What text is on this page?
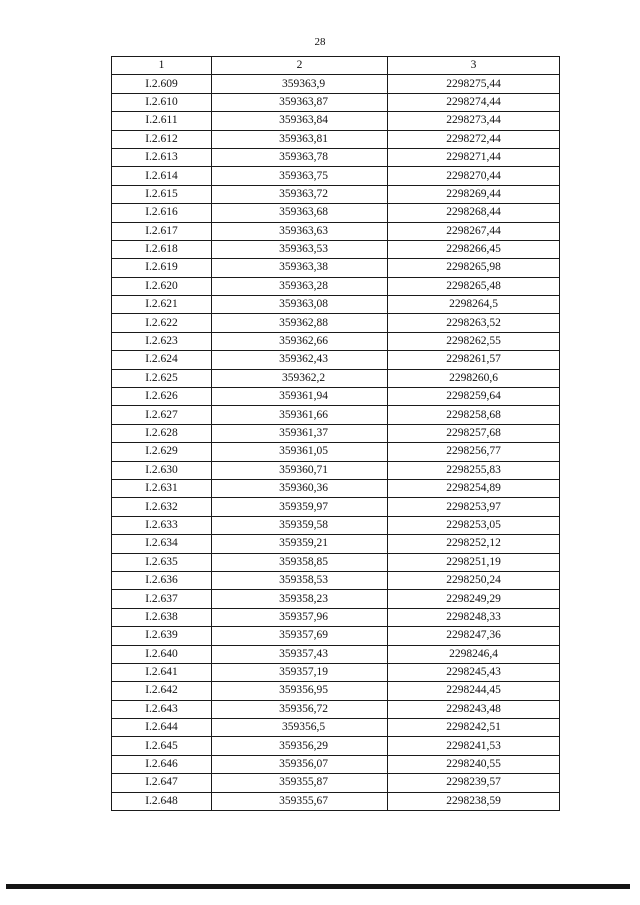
28
1	2	3
I.2.609	359363,9	2298275,44
I.2.610	359363,87	2298274,44
I.2.611	359363,84	2298273,44
I.2.612	359363,81	2298272,44
I.2.613	359363,78	2298271,44
I.2.614	359363,75	2298270,44
I.2.615	359363,72	2298269,44
I.2.616	359363,68	2298268,44
I.2.617	359363,63	2298267,44
I.2.618	359363,53	2298266,45
I.2.619	359363,38	2298265,98
I.2.620	359363,28	2298265,48
I.2.621	359363,08	2298264,5
I.2.622	359362,88	2298263,52
I.2.623	359362,66	2298262,55
I.2.624	359362,43	2298261,57
I.2.625	359362,2	2298260,6
I.2.626	359361,94	2298259,64
I.2.627	359361,66	2298258,68
I.2.628	359361,37	2298257,68
I.2.629	359361,05	2298256,77
I.2.630	359360,71	2298255,83
I.2.631	359360,36	2298254,89
I.2.632	359359,97	2298253,97
I.2.633	359359,58	2298253,05
I.2.634	359359,21	2298252,12
I.2.635	359358,85	2298251,19
I.2.636	359358,53	2298250,24
I.2.637	359358,23	2298249,29
I.2.638	359357,96	2298248,33
I.2.639	359357,69	2298247,36
I.2.640	359357,43	2298246,4
I.2.641	359357,19	2298245,43
I.2.642	359356,95	2298244,45
I.2.643	359356,72	2298243,48
I.2.644	359356,5	2298242,51
I.2.645	359356,29	2298241,53
I.2.646	359356,07	2298240,55
I.2.647	359355,87	2298239,57
I.2.648	359355,67	2298238,59
